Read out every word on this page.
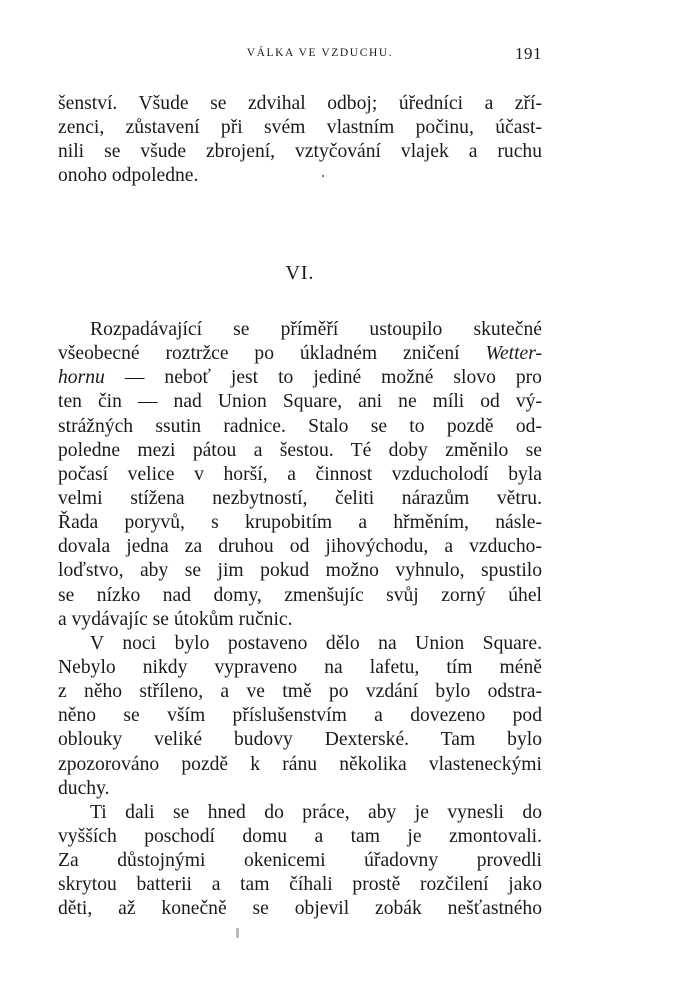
VÁLKA VE VZDUCHU.	191
šenství. Všude se zdvihal odboj; úředníci a zří-
zenci, zůstavení při svém vlastním počinu, účast-
nili se všude zbrojení, vztyčování vlajek a ruchu
onoho odpoledne.
VI.
Rozpadávající se příměří ustoupilo skutečné
všeobecné roztržce po úkladném zničení Wetter-
hornu — neboť jest to jediné možné slovo pro
ten čin — nad Union Square, ani ne míli od vý-
strážných ssutin radnice. Stalo se to pozdě od-
poledne mezi pátou a šestou. Té doby změnilo se
počasí velice v horší, a činnost vzducholodí byla
velmi stížena nezbytností, čeliti nárazům větru.
Řada poryvů, s krupobitím a hřměním, násle-
dovala jedna za druhou od jihovýchodu, a vzducho-
loďstvo, aby se jim pokud možno vyhnulo, spustilo
se nízko nad domy, zmenšujíc svůj zorný úhel
a vydávajíc se útokům ručnic.
V noci bylo postaveno dělo na Union Square.
Nebylo nikdy vypraveno na lafetu, tím méně
z něho stříleno, a ve tmě po vzdání bylo odstra-
něno se vším příslušenstvím a dovezeno pod
oblouky veliké budovy Dexterské. Tam bylo
zpozorováno pozdě k ránu několika vlasteneckými
duchy.
Ti dali se hned do práce, aby je vynesli do
vyšších poschodí domu a tam je zmontovali.
Za důstojnými okenicemi úřadovny provedli
skrytou batterii a tam číhali prostě rozčilení jako
děti, až konečně se objevil zobák nešťastného
